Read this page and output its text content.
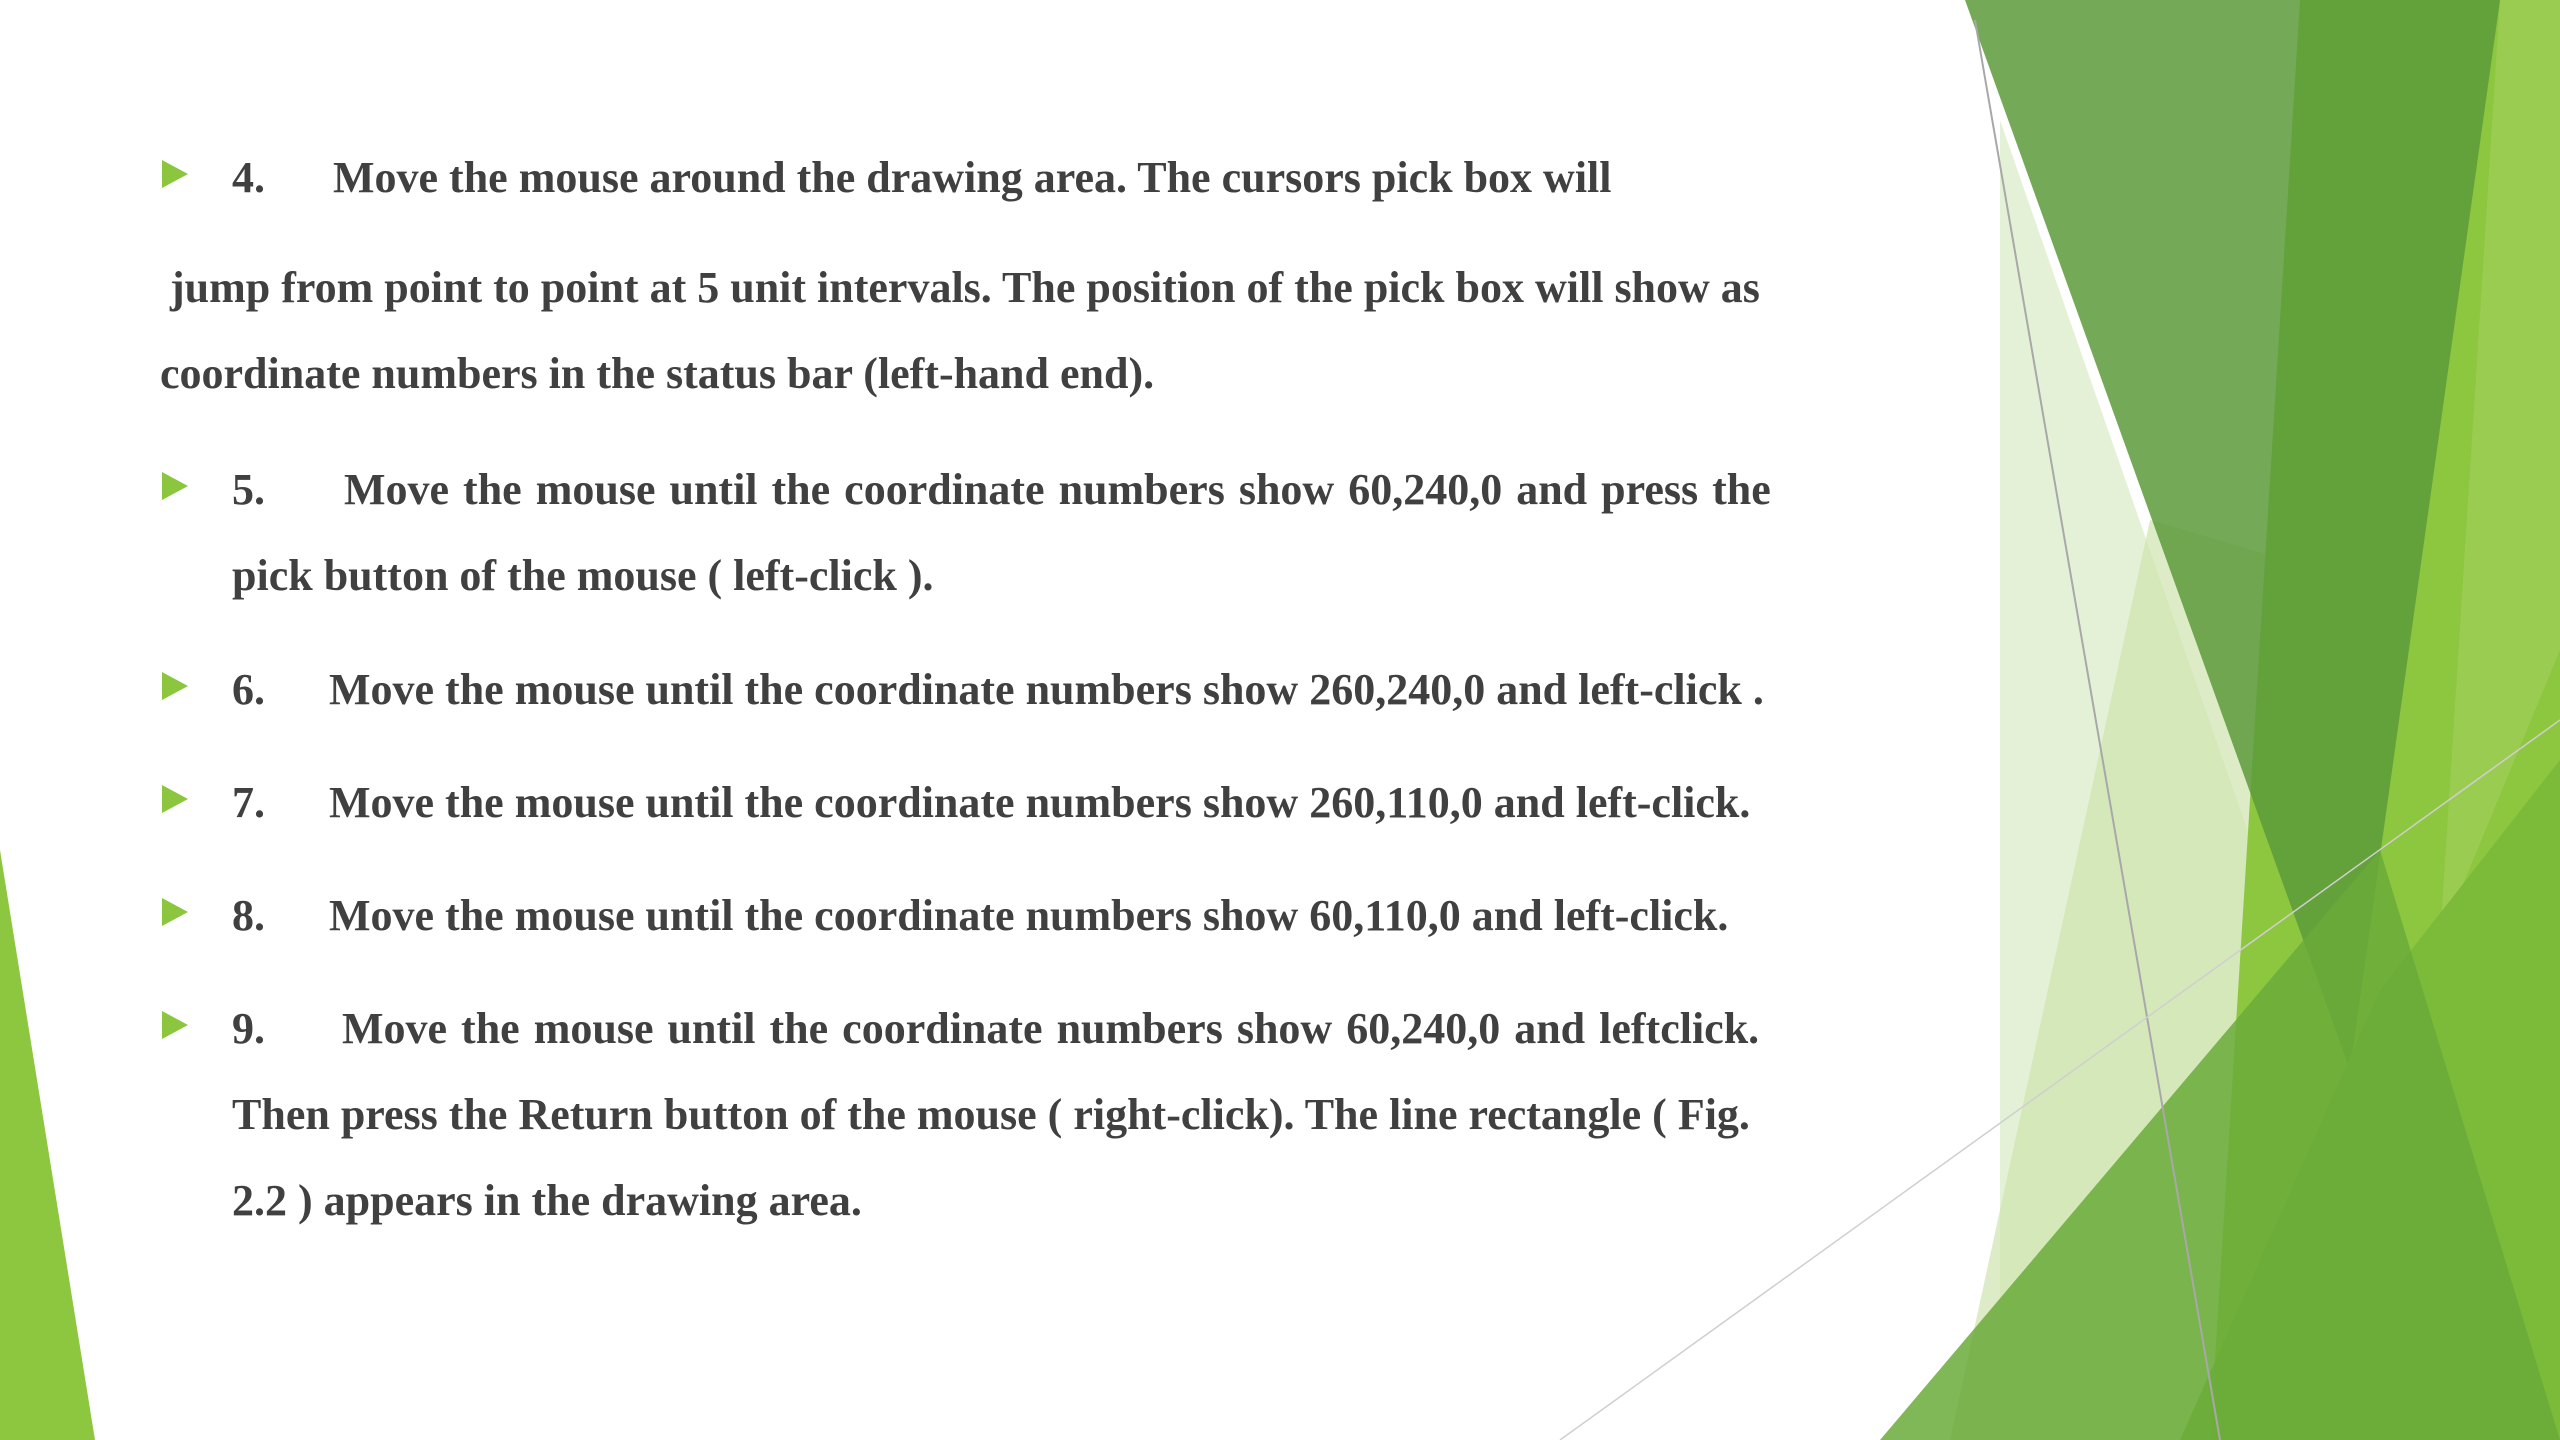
4. Move the mouse around the drawing area. The cursors pick box will
jump from point to point at 5 unit intervals. The position of the pick box will show as
coordinate numbers in the status bar (left-hand end).
5. Move the mouse until the coordinate numbers show 60,240,0 and press the
pick button of the mouse ( left-click ).
6. Move the mouse until the coordinate numbers show 260,240,0 and left-click .
7. Move the mouse until the coordinate numbers show 260,110,0 and left-click.
8. Move the mouse until the coordinate numbers show 60,110,0 and left-click.
9. Move the mouse until the coordinate numbers show 60,240,0 and leftclick.
Then press the Return button of the mouse ( right-click). The line rectangle ( Fig.
2.2 ) appears in the drawing area.
